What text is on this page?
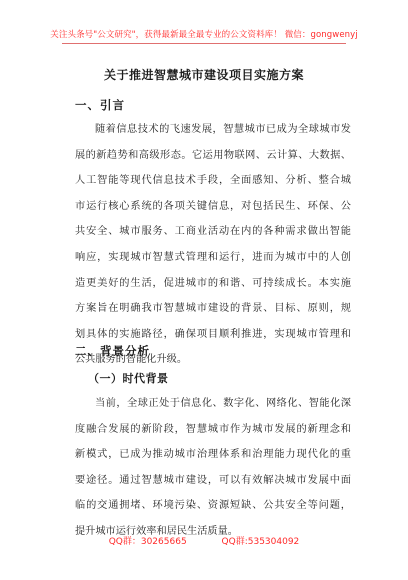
关注头条号"公文研究"，获得最新最全最专业的公文资料库！ 微信：gongwenyj
关于推进智慧城市建设项目实施方案
一、引言
随着信息技术的飞速发展，智慧城市已成为全球城市发
展的新趋势和高级形态。它运用物联网、云计算、大数据、
人工智能等现代信息技术手段，全面感知、分析、整合城
市运行核心系统的各项关键信息，对包括民生、环保、公
共安全、城市服务、工商业活动在内的各种需求做出智能
响应，实现城市智慧式管理和运行，进而为城市中的人创
造更美好的生活，促进城市的和谐、可持续成长。本实施
方案旨在明确我市智慧城市建设的背景、目标、原则，规
划具体的实施路径，确保项目顺利推进，实现城市管理和
公共服务的智能化升级。
二、背景分析
（一）时代背景
当前，全球正处于信息化、数字化、网络化、智能化深
度融合发展的新阶段，智慧城市作为城市发展的新理念和
新模式，已成为推动城市治理体系和治理能力现代化的重
要途径。通过智慧城市建设，可以有效解决城市发展中面
临的交通拥堵、环境污染、资源短缺、公共安全等问题，
提升城市运行效率和居民生活质量。
QQ群：30265665	QQ群:535304092
